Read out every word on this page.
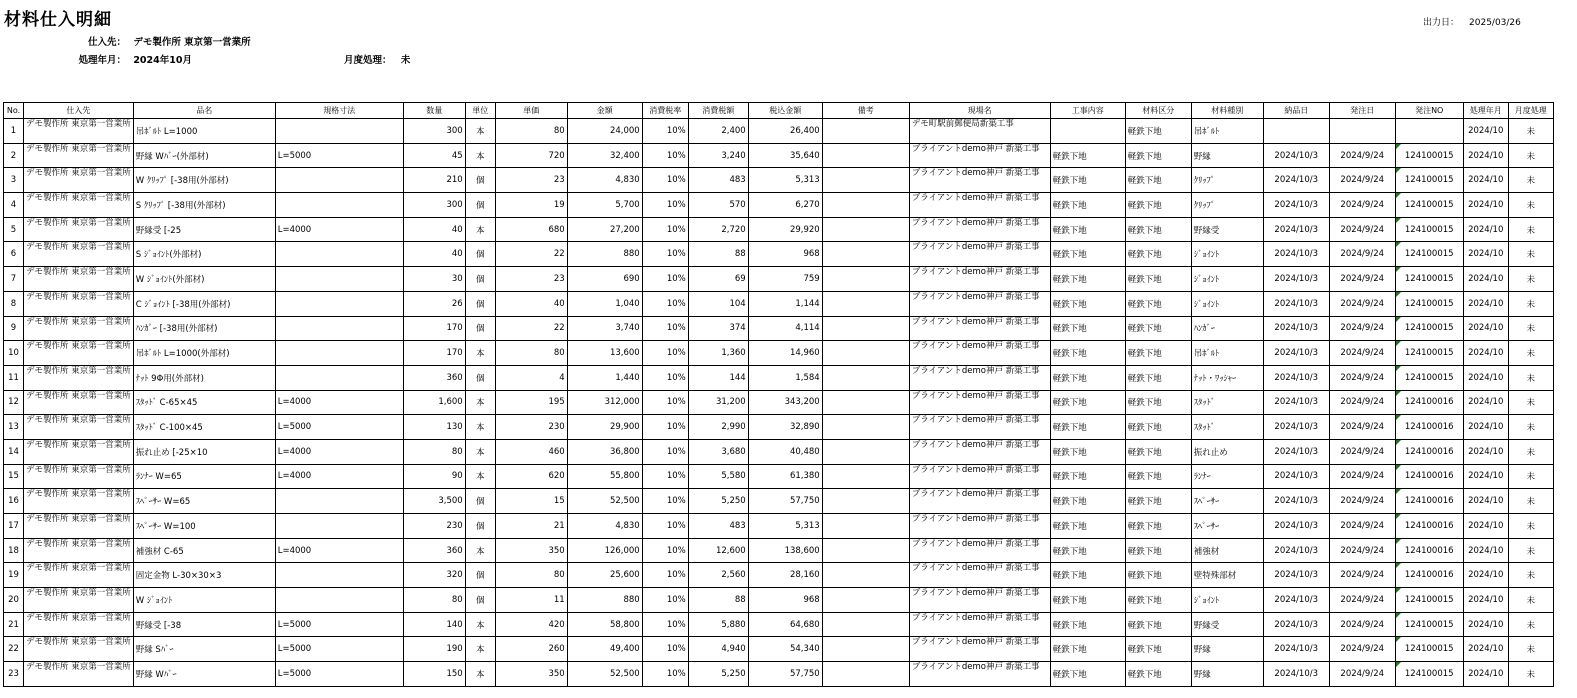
材料仕入明細	出力日： 2025/03/26
仕入先： デモ製作所 東京第一営業所
処理年月： 2024年10月	月度処理： 未
No.	仕入先	品名	規格寸法	数量	単位	単価	金額	消費税率	消費税額	税込金額	備考	現場名	工事内容	材料区分	材料種別	納品日	発注日	発注NO	処理年月	月度処理
1	デモ製作所 東京第一営業所	吊ﾎﾞﾙﾄ L=1000		300	本	80	24,000	10%	2,400	26,400		デモ町駅前郵便局新築工事		軽鉄下地	吊ﾎﾞﾙﾄ				2024/10	未
2	デモ製作所 東京第一営業所	野縁 Wﾊﾞｰ(外部材)	L=5000	45	本	720	32,400	10%	3,240	35,640		ブライアントdemo神戸 新築工事	軽鉄下地	軽鉄下地	野縁	2024/10/3	2024/9/24	124100015	2024/10	未
3	デモ製作所 東京第一営業所	W ｸﾘｯﾌﾟ [-38用(外部材)		210	個	23	4,830	10%	483	5,313		ブライアントdemo神戸 新築工事	軽鉄下地	軽鉄下地	ｸﾘｯﾌﾟ	2024/10/3	2024/9/24	124100015	2024/10	未
4	デモ製作所 東京第一営業所	S ｸﾘｯﾌﾟ [-38用(外部材)		300	個	19	5,700	10%	570	6,270		ブライアントdemo神戸 新築工事	軽鉄下地	軽鉄下地	ｸﾘｯﾌﾟ	2024/10/3	2024/9/24	124100015	2024/10	未
5	デモ製作所 東京第一営業所	野縁受 [-25	L=4000	40	本	680	27,200	10%	2,720	29,920		ブライアントdemo神戸 新築工事	軽鉄下地	軽鉄下地	野縁受	2024/10/3	2024/9/24	124100015	2024/10	未
6	デモ製作所 東京第一営業所	S ｼﾞｮｲﾝﾄ(外部材)		40	個	22	880	10%	88	968		ブライアントdemo神戸 新築工事	軽鉄下地	軽鉄下地	ｼﾞｮｲﾝﾄ	2024/10/3	2024/9/24	124100015	2024/10	未
7	デモ製作所 東京第一営業所	W ｼﾞｮｲﾝﾄ(外部材)		30	個	23	690	10%	69	759		ブライアントdemo神戸 新築工事	軽鉄下地	軽鉄下地	ｼﾞｮｲﾝﾄ	2024/10/3	2024/9/24	124100015	2024/10	未
8	デモ製作所 東京第一営業所	C ｼﾞｮｲﾝﾄ [-38用(外部材)		26	個	40	1,040	10%	104	1,144		ブライアントdemo神戸 新築工事	軽鉄下地	軽鉄下地	ｼﾞｮｲﾝﾄ	2024/10/3	2024/9/24	124100015	2024/10	未
9	デモ製作所 東京第一営業所	ﾊﾝｶﾞｰ [-38用(外部材)		170	個	22	3,740	10%	374	4,114		ブライアントdemo神戸 新築工事	軽鉄下地	軽鉄下地	ﾊﾝｶﾞｰ	2024/10/3	2024/9/24	124100015	2024/10	未
10	デモ製作所 東京第一営業所	吊ﾎﾞﾙﾄ L=1000(外部材)		170	本	80	13,600	10%	1,360	14,960		ブライアントdemo神戸 新築工事	軽鉄下地	軽鉄下地	吊ﾎﾞﾙﾄ	2024/10/3	2024/9/24	124100015	2024/10	未
11	デモ製作所 東京第一営業所	ﾅｯﾄ 9Φ用(外部材)		360	個	4	1,440	10%	144	1,584		ブライアントdemo神戸 新築工事	軽鉄下地	軽鉄下地	ﾅｯﾄ・ﾜｯｼｬｰ	2024/10/3	2024/9/24	124100015	2024/10	未
12	デモ製作所 東京第一営業所	ｽﾀｯﾄﾞ C-65×45	L=4000	1,600	本	195	312,000	10%	31,200	343,200		ブライアントdemo神戸 新築工事	軽鉄下地	軽鉄下地	ｽﾀｯﾄﾞ	2024/10/3	2024/9/24	124100016	2024/10	未
13	デモ製作所 東京第一営業所	ｽﾀｯﾄﾞ C-100×45	L=5000	130	本	230	29,900	10%	2,990	32,890		ブライアントdemo神戸 新築工事	軽鉄下地	軽鉄下地	ｽﾀｯﾄﾞ	2024/10/3	2024/9/24	124100016	2024/10	未
14	デモ製作所 東京第一営業所	振れ止め [-25×10	L=4000	80	本	460	36,800	10%	3,680	40,480		ブライアントdemo神戸 新築工事	軽鉄下地	軽鉄下地	振れ止め	2024/10/3	2024/9/24	124100016	2024/10	未
15	デモ製作所 東京第一営業所	ﾗﾝﾅｰ W=65	L=4000	90	本	620	55,800	10%	5,580	61,380		ブライアントdemo神戸 新築工事	軽鉄下地	軽鉄下地	ﾗﾝﾅｰ	2024/10/3	2024/9/24	124100016	2024/10	未
16	デモ製作所 東京第一営業所	ｽﾍﾟｰｻｰ W=65		3,500	個	15	52,500	10%	5,250	57,750		ブライアントdemo神戸 新築工事	軽鉄下地	軽鉄下地	ｽﾍﾟｰｻｰ	2024/10/3	2024/9/24	124100016	2024/10	未
17	デモ製作所 東京第一営業所	ｽﾍﾟｰｻｰ W=100		230	個	21	4,830	10%	483	5,313		ブライアントdemo神戸 新築工事	軽鉄下地	軽鉄下地	ｽﾍﾟｰｻｰ	2024/10/3	2024/9/24	124100016	2024/10	未
18	デモ製作所 東京第一営業所	補強材 C-65	L=4000	360	本	350	126,000	10%	12,600	138,600		ブライアントdemo神戸 新築工事	軽鉄下地	軽鉄下地	補強材	2024/10/3	2024/9/24	124100016	2024/10	未
19	デモ製作所 東京第一営業所	固定金物 L-30×30×3		320	個	80	25,600	10%	2,560	28,160		ブライアントdemo神戸 新築工事	軽鉄下地	軽鉄下地	壁特殊部材	2024/10/3	2024/9/24	124100016	2024/10	未
20	デモ製作所 東京第一営業所	W ｼﾞｮｲﾝﾄ		80	個	11	880	10%	88	968		ブライアントdemo神戸 新築工事	軽鉄下地	軽鉄下地	ｼﾞｮｲﾝﾄ	2024/10/3	2024/9/24	124100015	2024/10	未
21	デモ製作所 東京第一営業所	野縁受 [-38	L=5000	140	本	420	58,800	10%	5,880	64,680		ブライアントdemo神戸 新築工事	軽鉄下地	軽鉄下地	野縁受	2024/10/3	2024/9/24	124100015	2024/10	未
22	デモ製作所 東京第一営業所	野縁 Sﾊﾞｰ	L=5000	190	本	260	49,400	10%	4,940	54,340		ブライアントdemo神戸 新築工事	軽鉄下地	軽鉄下地	野縁	2024/10/3	2024/9/24	124100015	2024/10	未
23	デモ製作所 東京第一営業所	野縁 Wﾊﾞｰ	L=5000	150	本	350	52,500	10%	5,250	57,750		ブライアントdemo神戸 新築工事	軽鉄下地	軽鉄下地	野縁	2024/10/3	2024/9/24	124100015	2024/10	未
